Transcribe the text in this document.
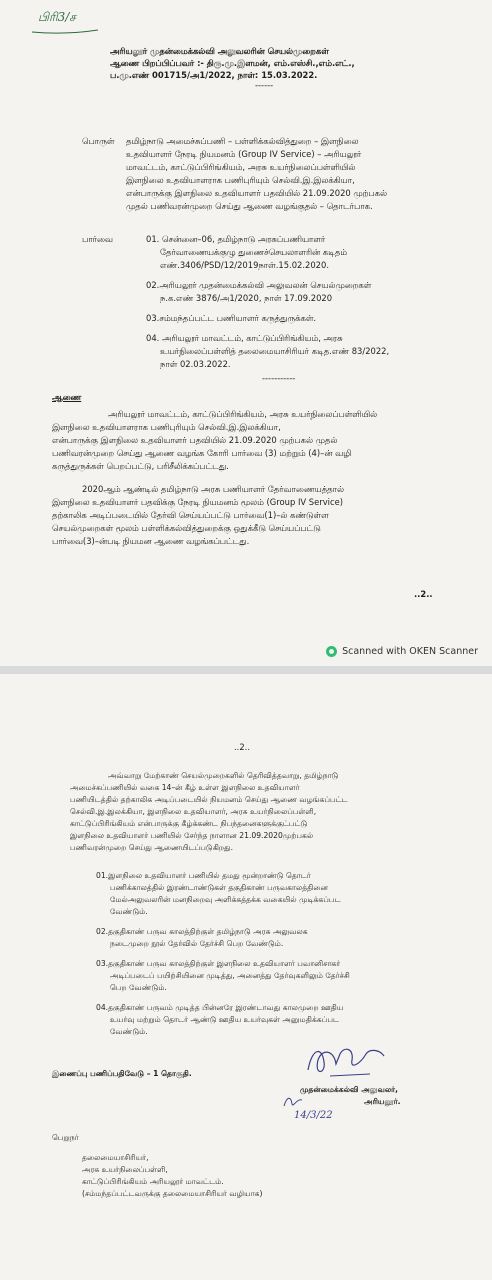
பிரி3/ச
அரியலூர் முதன்மைக்கல்வி அலுவலரின் செயல்முறைகள்
ஆணை பிறப்பிப்பவர் :- திரு.மு.இளமன், எம்.எஸ்சி.,எம்.எட்.,
ப.மு.எண் 001715/அ1/2022, நாள்: 15.03.2022.
------
பொருள் தமிழ்நாடு அமைச்சுப்பணி – பள்ளிக்கல்வித்துறை – இளநிலை
உதவியாளர் நேரடி நியமனம் (Group IV Service) – அரியலூர்
மாவட்டம், காட்டுப்பிரிங்கியம், அரசு உயர்நிலைப்பள்ளியில்
இளநிலை உதவியாளராக பணிபுரியும் செல்வி.இ.இலக்கியா,
என்பாருக்கு இளநிலை உதவியாளர் பதவியில் 21.09.2020 முற்பகல்
முதல் பணிவரன்முறை செய்து ஆணை வழங்குதல் – தொடர்பாக.
பார்வை	01. சென்னை–06, தமிழ்நாடு அரசுப்பணியாளர்
தேர்வாணையக்குழு துணைச்செயலாளரின் கடிதம்
எண்.3406/PSD/12/2019நாள்.15.02.2020.
02.அரியலூர் முதன்மைக்கல்வி அலுவலன் செயல்முறைகள்
ந.க.எண் 3876/அ1/2020, நாள் 17.09.2020
03.சம்மந்தப்பட்ட பணியாளர் கருத்துருக்கள்.
04. அரியலூர் மாவட்டம், காட்டுப்பிரிங்கியம், அரசு
உயர்நிலைப்பள்ளித் தலைமையாசிரியர் கடித.எண் 83/2022,
நாள் 02.03.2022.
-----------
ஆணை
அரியலூர் மாவட்டம், காட்டுப்பிரிங்கியம், அரசு உயர்நிலைப்பள்ளியில்
இளநிலை உதவியாளராக பணிபுரியும் செல்வி.இ.இலக்கியா,
என்பாருக்கு இளநிலை உதவியாளர் பதவியில் 21.09.2020 முற்பகல் முதல்
பணிவரன்முறை செய்து ஆணை வழங்க கோரி பார்வை (3) மற்றும் (4)–ன் வழி
கருத்துருக்கள் பெறப்பட்டு, பரிசீலிக்கப்பட்டது.
2020ஆம் ஆண்டில் தமிழ்நாடு அரசு பணியாளர் தேர்வாணையத்தால்
இளநிலை உதவியாளர் பதவிக்கு நேரடி நியமனம் மூலம் (Group IV Service)
தற்காலிக அடிப்படையில் தேர்வி செய்யப்பட்டு பார்வை(1)–ல் கண்டுள்ள
செயல்முறைகள் மூலம் பள்ளிக்கல்வித்துறைக்கு ஒதுக்கீடு செய்யப்பட்டு
பார்வை(3)–ன்படி நியமன ஆணை வழங்கப்பட்டது.
..2..
Scanned with OKEN Scanner
..2..
அவ்வாறு மேற்காண் செயல்முறைகளில் தெரிவித்தவாறு, தமிழ்நாடு
அமைச்சுப்பணியில் வகை 14–ன் கீழ் உள்ள இளநிலை உதவியாளர்
பணியிடத்தில் தற்காலிக அடிப்படையில் நியமனம் செய்து ஆணை வழங்கப்பட்ட
செல்வி.இ.இலக்கியா, இளநிலை உதவியாளர், அரசு உயர்நிலைப்பள்ளி,
காட்டுப்பிரிங்கியம் என்பாருக்கு கீழ்க்கண்ட நிபந்தனைகளுக்குட்பட்டு
இளநிலை உதவியாளர் பணியில் சேர்ந்த நாளான 21.09.2020முற்பகல்
பணிவரன்முறை செய்து ஆணையிடப்படுகிறது.
01.இளநிலை உதவியாளர் பணியில் தமது மூன்றாண்டு தொடர்
பணிக்காலத்தில் இரண்டாண்டுகள் தகுதிகாண் பருவகாலத்தினை
மேல்அலுவலரின் மனநிறைவு அளிக்கத்தக்க வகையில் முடிக்கப்பட
வேண்டும்.
02.தகுதிகாண் பருவ காலத்திற்குள் தமிழ்நாடு அரசு அலுவலக
நடைமுறை நூல் தேர்வில் தேர்ச்சி பெற வேண்டும்.
03.தகுதிகாண் பருவ காலத்திற்குள் இளநிலை உதவியாளர் பவானிசாகர்
அடிப்படைப் பயிற்சியினை முடித்து, அனைத்து தேர்வுகளிலும் தேர்ச்சி
பெற வேண்டும்.
04.தகுதிகாண் பருவம் முடித்த பின்னரே இரண்டாவது காலமுறை ஊதிய
உயர்வு மற்றும் தொடர் ஆண்டு ஊதிய உயர்வுகள் அனுமதிக்கப்பட
வேண்டும்.
இணைப்பு பணிப்பதிவேடு – 1 தொகுதி.
முதன்மைக்கல்வி அலுவலர்,
அரியலூர்.
14/3/22
பெறுநர்
தலைமையாசிரியர்,
அரசு உயர்நிலைப்பள்ளி,
காட்டுப்பிரிங்கியம் அரியலூர் மாவட்டம்.
(சம்மந்தப்பட்டவருக்கு தலைமையாசிரியர் வழியாக)
